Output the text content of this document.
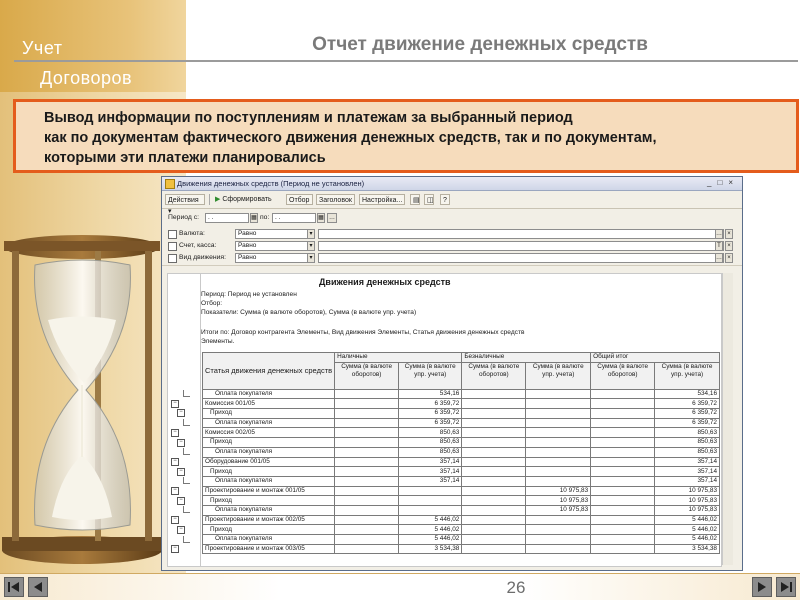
Учет
Договоров
Отчет движение денежных средств
Вывод информации по поступлениям и платежам за выбранный период
как по документам фактического движения денежных средств, так и по документам,
которыми эти платежи планировались
Движения денежных средств (Период не установлен)	_□×
Действия ▾
▶ Сформировать	Отбор	Заголовок	Настройка...	▤	◫	?
Период с:	. .	▦ по: . .	▦ …
Валюта:	Равно	▾	… ×
Счет, касса:	Равно	▾	T	×
Вид движения:	Равно	▾	… ×
−
−
−
−
−
−
−
−
−
−
−
Движения денежных средств
Период: Период не установлен
Отбор:
Показатели: Сумма (в валюте оборотов), Сумма (в валюте упр. учета)
Итоги по: Договор контрагента Элементы, Вид движения Элементы, Статья движения денежных средств
Элементы.
Статья движения денежных средств	Наличные		Безналичные		Общий итог	
	Сумма (в валюте оборотов)	Сумма (в валюте упр. учета)	Сумма (в валюте оборотов)	Сумма (в валюте упр. учета)	Сумма (в валюте оборотов)	Сумма (в валюте упр. учета)
Оплата покупателя		534,16				534,16
Комиссия 001/05		6 359,72				6 359,72
Приход		6 359,72				6 359,72
Оплата покупателя		6 359,72				6 359,72
Комиссия 002/05		850,63				850,63
Приход		850,63				850,63
Оплата покупателя		850,63				850,63
Оборудование 001/05		357,14				357,14
Приход		357,14				357,14
Оплата покупателя		357,14				357,14
Проектирование и монтаж 001/05				10 975,83		10 975,83
Приход				10 975,83		10 975,83
Оплата покупателя				10 975,83		10 975,83
Проектирование и монтаж 002/05		5 446,02				5 446,02
Приход		5 446,02				5 446,02
Оплата покупателя		5 446,02				5 446,02
Проектирование и монтаж 003/05		3 534,38				3 534,38
26
